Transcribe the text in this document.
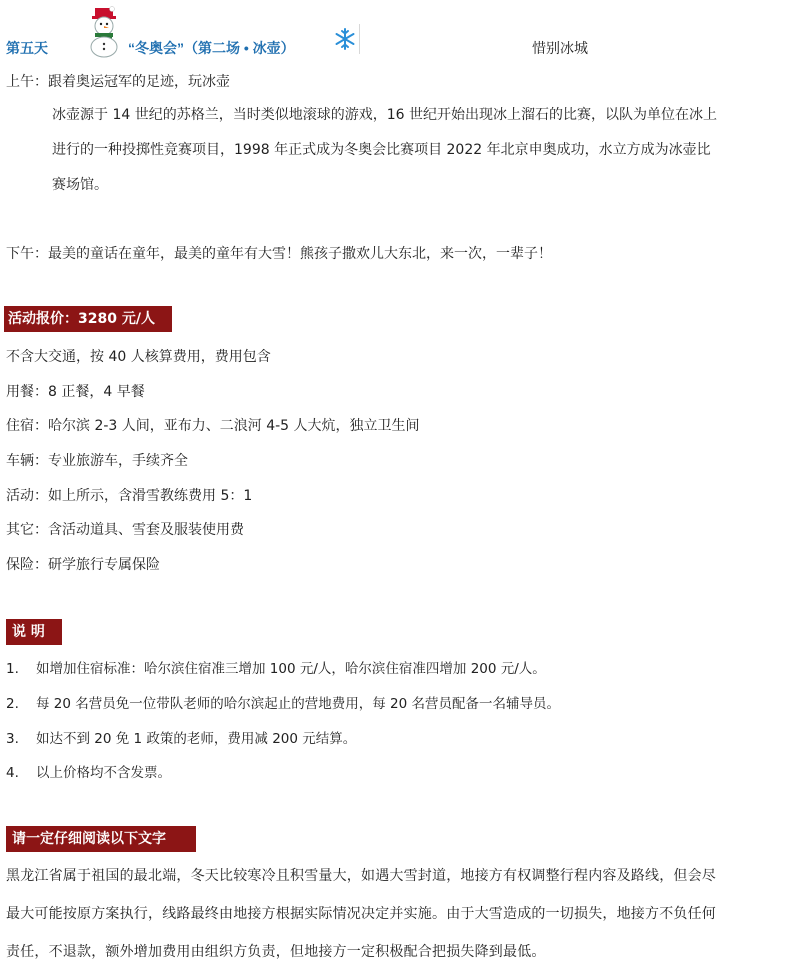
第五天	“冬奥会”（第二场 • 冰壶）	惜别冰城
上午：跟着奥运冠军的足迹，玩冰壶
冰壶源于 14 世纪的苏格兰，当时类似地滚球的游戏，16 世纪开始出现冰上溜石的比赛，以队为单位在冰上进行的一种投掷性竞赛项目，1998 年正式成为冬奥会比赛项目 2022 年北京申奥成功，水立方成为冰壶比赛场馆。
下午：最美的童话在童年，最美的童年有大雪！熊孩子撒欢儿大东北，来一次，一辈子！
活动报价：3280 元/人
不含大交通，按 40 人核算费用，费用包含
用餐：8 正餐，4 早餐
住宿：哈尔滨 2-3 人间，亚布力、二浪河 4-5 人大炕，独立卫生间
车辆：专业旅游车，手续齐全
活动：如上所示，含滑雪教练费用 5：1
其它：含活动道具、雪套及服装使用费
保险：研学旅行专属保险
说 明
1. 如增加住宿标准：哈尔滨住宿准三增加 100 元/人，哈尔滨住宿准四增加 200 元/人。
2. 每 20 名营员免一位带队老师的哈尔滨起止的营地费用，每 20 名营员配备一名辅导员。
3. 如达不到 20 免 1 政策的老师，费用减 200 元结算。
4. 以上价格均不含发票。
请一定仔细阅读以下文字
黑龙江省属于祖国的最北端，冬天比较寒冷且积雪量大，如遇大雪封道，地接方有权调整行程内容及路线，但会尽最大可能按原方案执行，线路最终由地接方根据实际情况决定并实施。由于大雪造成的一切损失，地接方不负任何责任，不退款，额外增加费用由组织方负责，但地接方一定积极配合把损失降到最低。
